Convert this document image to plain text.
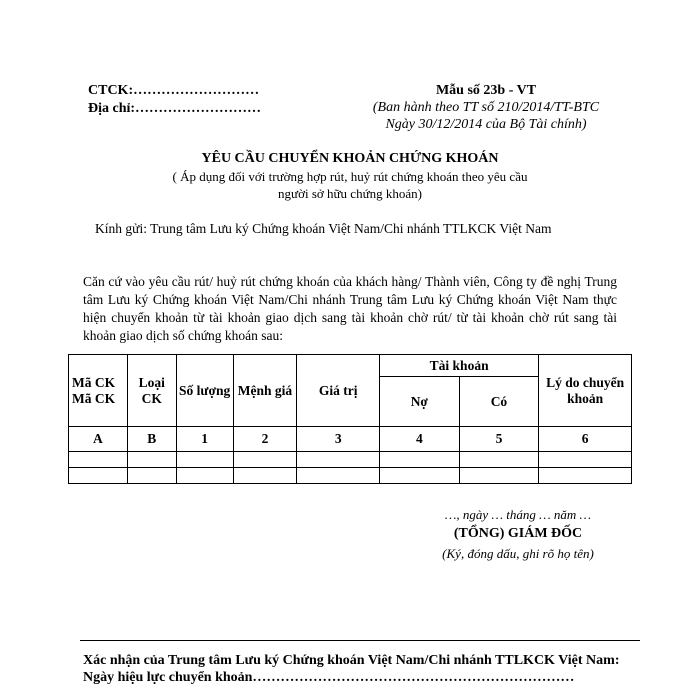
CTCK:………………………
Địa chỉ:………………………
Mẫu số 23b - VT
(Ban hành theo TT số 210/2014/TT-BTC
Ngày 30/12/2014 của Bộ Tài chính)
YÊU CẦU CHUYỂN KHOẢN CHỨNG KHOÁN
( Áp dụng đối với trường hợp rút, huỷ rút chứng khoán theo yêu cầu
người sở hữu chứng khoán)
Kính gửi: Trung tâm Lưu ký Chứng khoán Việt Nam/Chi nhánh TTLKCK Việt Nam
Căn cứ vào yêu cầu rút/ huỷ rút chứng khoán của khách hàng/ Thành viên, Công ty đề nghị Trung tâm Lưu ký Chứng khoán Việt Nam/Chi nhánh Trung tâm Lưu ký Chứng khoán Việt Nam thực hiện chuyển khoản từ tài khoản giao dịch sang tài khoản chờ rút/ từ tài khoản chờ rút sang tài khoản giao dịch số chứng khoán sau:
Mã CK Mã CK	Loại CK	Số lượng	Mệnh giá	Giá trị	Tài khoản		Lý do chuyển khoản
					Nợ	Có	
A	B	1	2	3	4	5	6

…, ngày … tháng … năm …
(TỔNG) GIÁM ĐỐC
(Ký, đóng dấu, ghi rõ họ tên)
Xác nhận của Trung tâm Lưu ký Chứng khoán Việt Nam/Chi nhánh TTLKCK Việt Nam:
Ngày hiệu lực chuyển khoản……………………………………………………………
